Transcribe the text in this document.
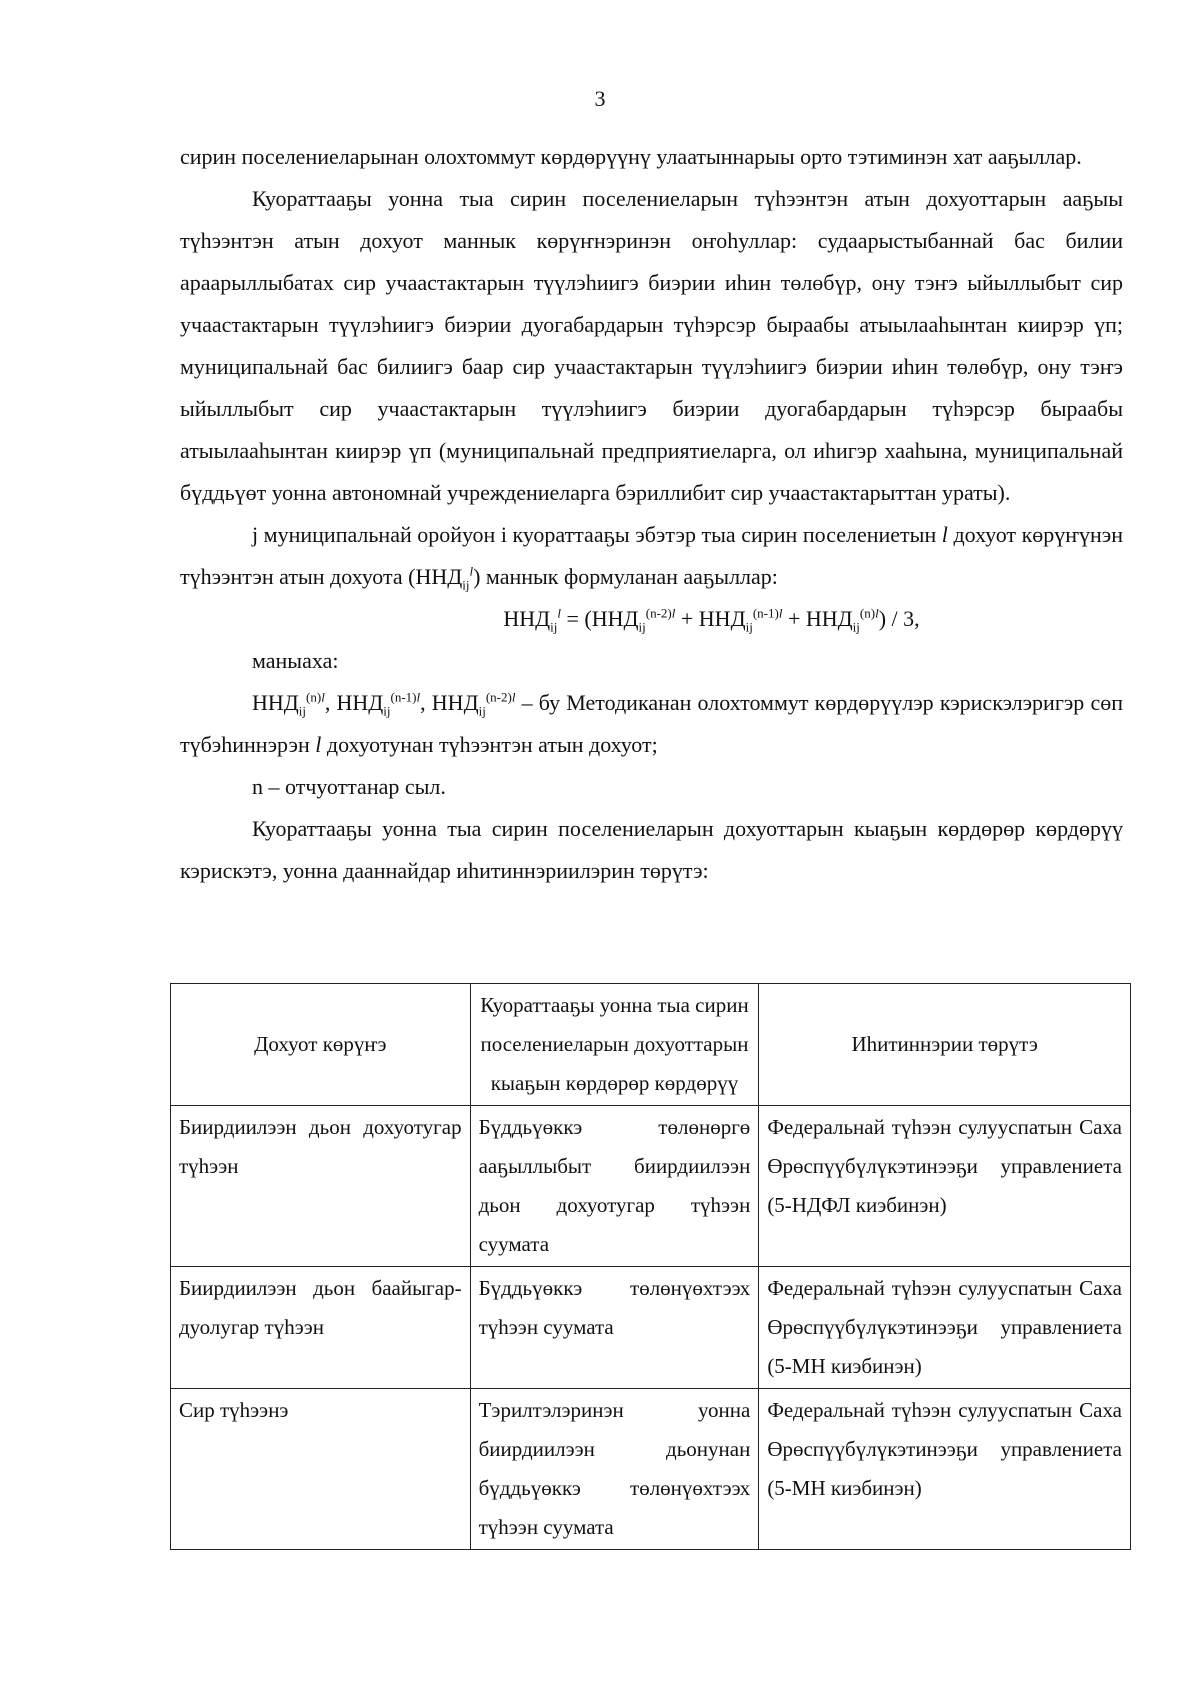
3

сирин поселениеларынан олохтоммут көрдөрүүнү улаатыннарыы орто тэтиминэн хат ааҕыллар.

Куораттааҕы уонна тыа сирин поселениеларын түһээнтэн атын дохуоттарын ааҕыы түһээнтэн атын дохуот маннык көрүҥнэринэн оҥоһуллар: судаарыстыбаннай бас билии араарыллыбатах сир учаастактарын түүлэһиигэ биэрии иһин төлөбүр, ону тэҥэ ыйыллыбыт сир учаастактарын түүлэһиигэ биэрии дуогабардарын түһэрсэр быраабы атыылааһынтан киирэр үп; муниципальнай бас билиигэ баар сир учаастактарын түүлэһиигэ биэрии иһин төлөбүр, ону тэҥэ ыйыллыбыт сир учаастактарын түүлэһиигэ биэрии дуогабардарын түһэрсэр быраабы атыылааһынтан киирэр үп (муниципальнай предприятиеларга, ол иһигэр хааһына, муниципальнай бүддьүөт уонна автономнай учреждениеларга бэриллибит сир учаастактарыттан ураты).

j муниципальнай оройуон i куораттааҕы эбэтэр тыа сирин поселениетын l дохуот көрүҥүнэн түһээнтэн атын дохуота $(ННД_{ij}^l)$ маннык формуланан ааҕыллар:

$ННД_{ij}^l = (ННД_{ij}^{(n-2)l} + ННД_{ij}^{(n-1)l} + ННД_{ij}^{(n)l}) / 3$,

маныаха:

$ННД_{ij}^{(n)l}$, $ННД_{ij}^{(n-1)l}$, $ННД_{ij}^{(n-2)l}$ – бу Методиканан олохтоммут көрдөрүүлэр кэрискэлэригэр сөп түбэһиннэрэн l дохуотунан түһээнтэн атын дохуот;

n – отчуоттанар сыл.

Куораттааҕы уонна тыа сирин поселениеларын дохуоттарын кыаҕын көрдөрөр көрдөрүү кэрискэтэ, уонна дааннайдар иһитиннэриилэрин төрүтэ:

Дохуот көрүҥэ	Куораттааҕы уонна тыа сирин поселениеларын дохуоттарын кыаҕын көрдөрөр көрдөрүү	Иһитиннэрии төрүтэ
Биирдиилээн дьон дохуотугар түһээн	Бүддьүөккэ төлөнөргө ааҕыллыбыт биирдиилээн дьон дохуотугар түһээн суумата	Федеральнай түһээн сулууспатын Саха Өрөспүүбүлүкэтинээҕи управлениета (5-НДФЛ киэбинэн)
Биирдиилээн дьон баайыгар-дуолугар түһээн	Бүддьүөккэ төлөнүөхтээх түһээн суумата	Федеральнай түһээн сулууспатын Саха Өрөспүүбүлүкэтинээҕи управлениета (5-МН киэбинэн)
Сир түһээнэ	Тэрилтэлэринэн уонна биирдиилээн дьонунан бүддьүөккэ төлөнүөхтээх түһээн суумата	Федеральнай түһээн сулууспатын Саха Өрөспүүбүлүкэтинээҕи управлениета (5-МН киэбинэн)
